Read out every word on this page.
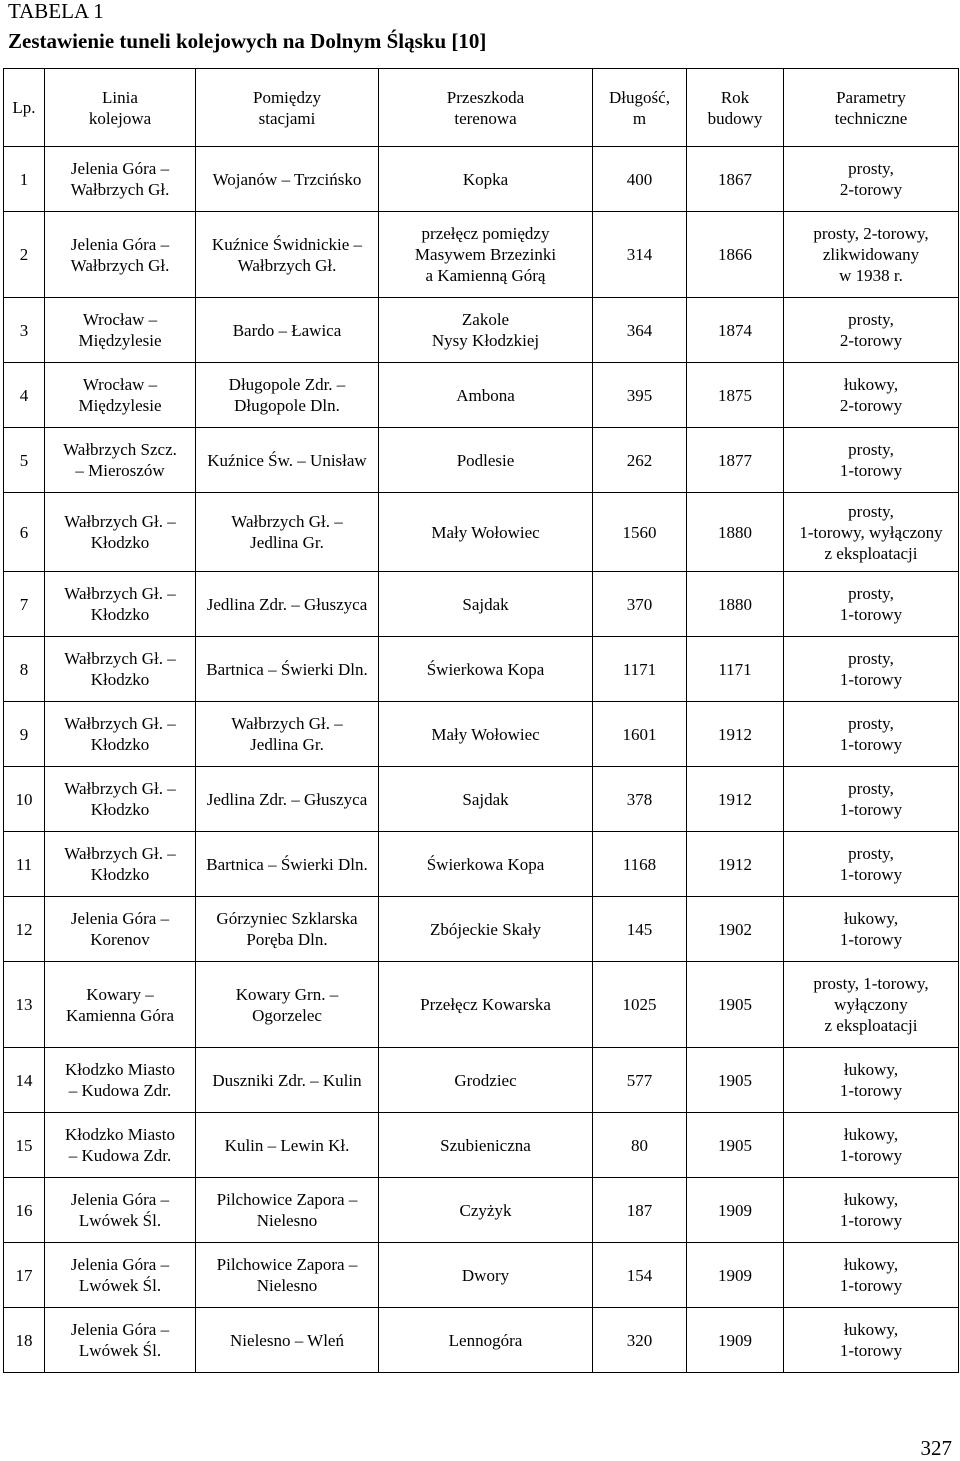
TABELA 1
Zestawienie tuneli kolejowych na Dolnym Śląsku [10]
Lp.	Linia
kolejowa	Pomiędzy
stacjami	Przeszkoda
terenowa	Długość,
m	Rok
budowy	Parametry
techniczne
1	Jelenia Góra –
Wałbrzych Gł.	Wojanów – Trzcińsko	Kopka	400	1867	prosty,
2-torowy
2	Jelenia Góra –
Wałbrzych Gł.	Kuźnice Świdnickie –
Wałbrzych Gł.	przełęcz pomiędzy
Masywem Brzezinki
a Kamienną Górą	314	1866	prosty, 2-torowy,
zlikwidowany
w 1938 r.
3	Wrocław –
Międzylesie	Bardo – Ławica	Zakole
Nysy Kłodzkiej	364	1874	prosty,
2-torowy
4	Wrocław –
Międzylesie	Długopole Zdr. –
Długopole Dln.	Ambona	395	1875	łukowy,
2-torowy
5	Wałbrzych Szcz.
– Mieroszów	Kuźnice Św. – Unisław	Podlesie	262	1877	prosty,
1-torowy
6	Wałbrzych Gł. –
Kłodzko	Wałbrzych Gł. –
Jedlina Gr.	Mały Wołowiec	1560	1880	prosty,
1-torowy, wyłączony
z eksploatacji
7	Wałbrzych Gł. –
Kłodzko	Jedlina Zdr. – Głuszyca	Sajdak	370	1880	prosty,
1-torowy
8	Wałbrzych Gł. –
Kłodzko	Bartnica – Świerki Dln.	Świerkowa Kopa	1171	1171	prosty,
1-torowy
9	Wałbrzych Gł. –
Kłodzko	Wałbrzych Gł. –
Jedlina Gr.	Mały Wołowiec	1601	1912	prosty,
1-torowy
10	Wałbrzych Gł. –
Kłodzko	Jedlina Zdr. – Głuszyca	Sajdak	378	1912	prosty,
1-torowy
11	Wałbrzych Gł. –
Kłodzko	Bartnica – Świerki Dln.	Świerkowa Kopa	1168	1912	prosty,
1-torowy
12	Jelenia Góra –
Korenov	Górzyniec Szklarska
Poręba Dln.	Zbójeckie Skały	145	1902	łukowy,
1-torowy
13	Kowary –
Kamienna Góra	Kowary Grn. –
Ogorzelec	Przełęcz Kowarska	1025	1905	prosty, 1-torowy,
wyłączony
z eksploatacji
14	Kłodzko Miasto
– Kudowa Zdr.	Duszniki Zdr. – Kulin	Grodziec	577	1905	łukowy,
1-torowy
15	Kłodzko Miasto
– Kudowa Zdr.	Kulin – Lewin Kł.	Szubieniczna	80	1905	łukowy,
1-torowy
16	Jelenia Góra –
Lwówek Śl.	Pilchowice Zapora –
Nielesno	Czyżyk	187	1909	łukowy,
1-torowy
17	Jelenia Góra –
Lwówek Śl.	Pilchowice Zapora –
Nielesno	Dwory	154	1909	łukowy,
1-torowy
18	Jelenia Góra –
Lwówek Śl.	Nielesno – Wleń	Lennogóra	320	1909	łukowy,
1-torowy
327
